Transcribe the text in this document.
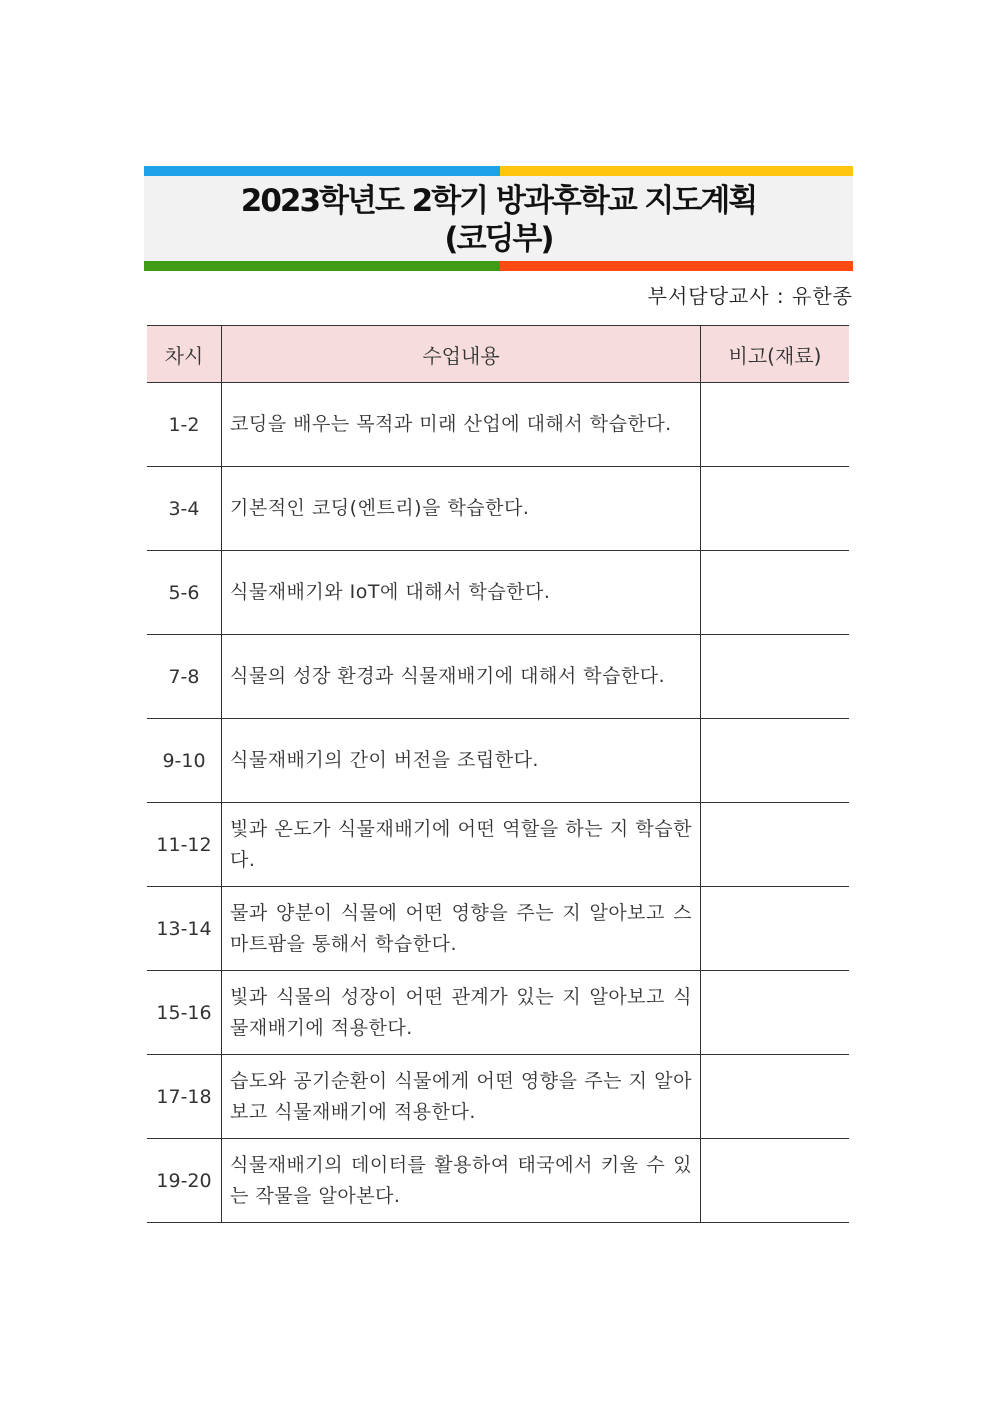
2023학년도 2학기 방과후학교 지도계획
(코딩부)
부서담당교사 : 유한종
차시	수업내용	비고(재료)
1-2	코딩을 배우는 목적과 미래 산업에 대해서 학습한다.	
3-4	기본적인 코딩(엔트리)을 학습한다.	
5-6	식물재배기와 IoT에 대해서 학습한다.	
7-8	식물의 성장 환경과 식물재배기에 대해서 학습한다.	
9-10	식물재배기의 간이 버전을 조립한다.	
11-12	빛과 온도가 식물재배기에 어떤 역할을 하는 지 학습한다.	
13-14	물과 양분이 식물에 어떤 영향을 주는 지 알아보고 스마트팜을 통해서 학습한다.	
15-16	빛과 식물의 성장이 어떤 관계가 있는 지 알아보고 식물재배기에 적용한다.	
17-18	습도와 공기순환이 식물에게 어떤 영향을 주는 지 알아보고 식물재배기에 적용한다.	
19-20	식물재배기의 데이터를 활용하여 태국에서 키울 수 있는 작물을 알아본다.	
